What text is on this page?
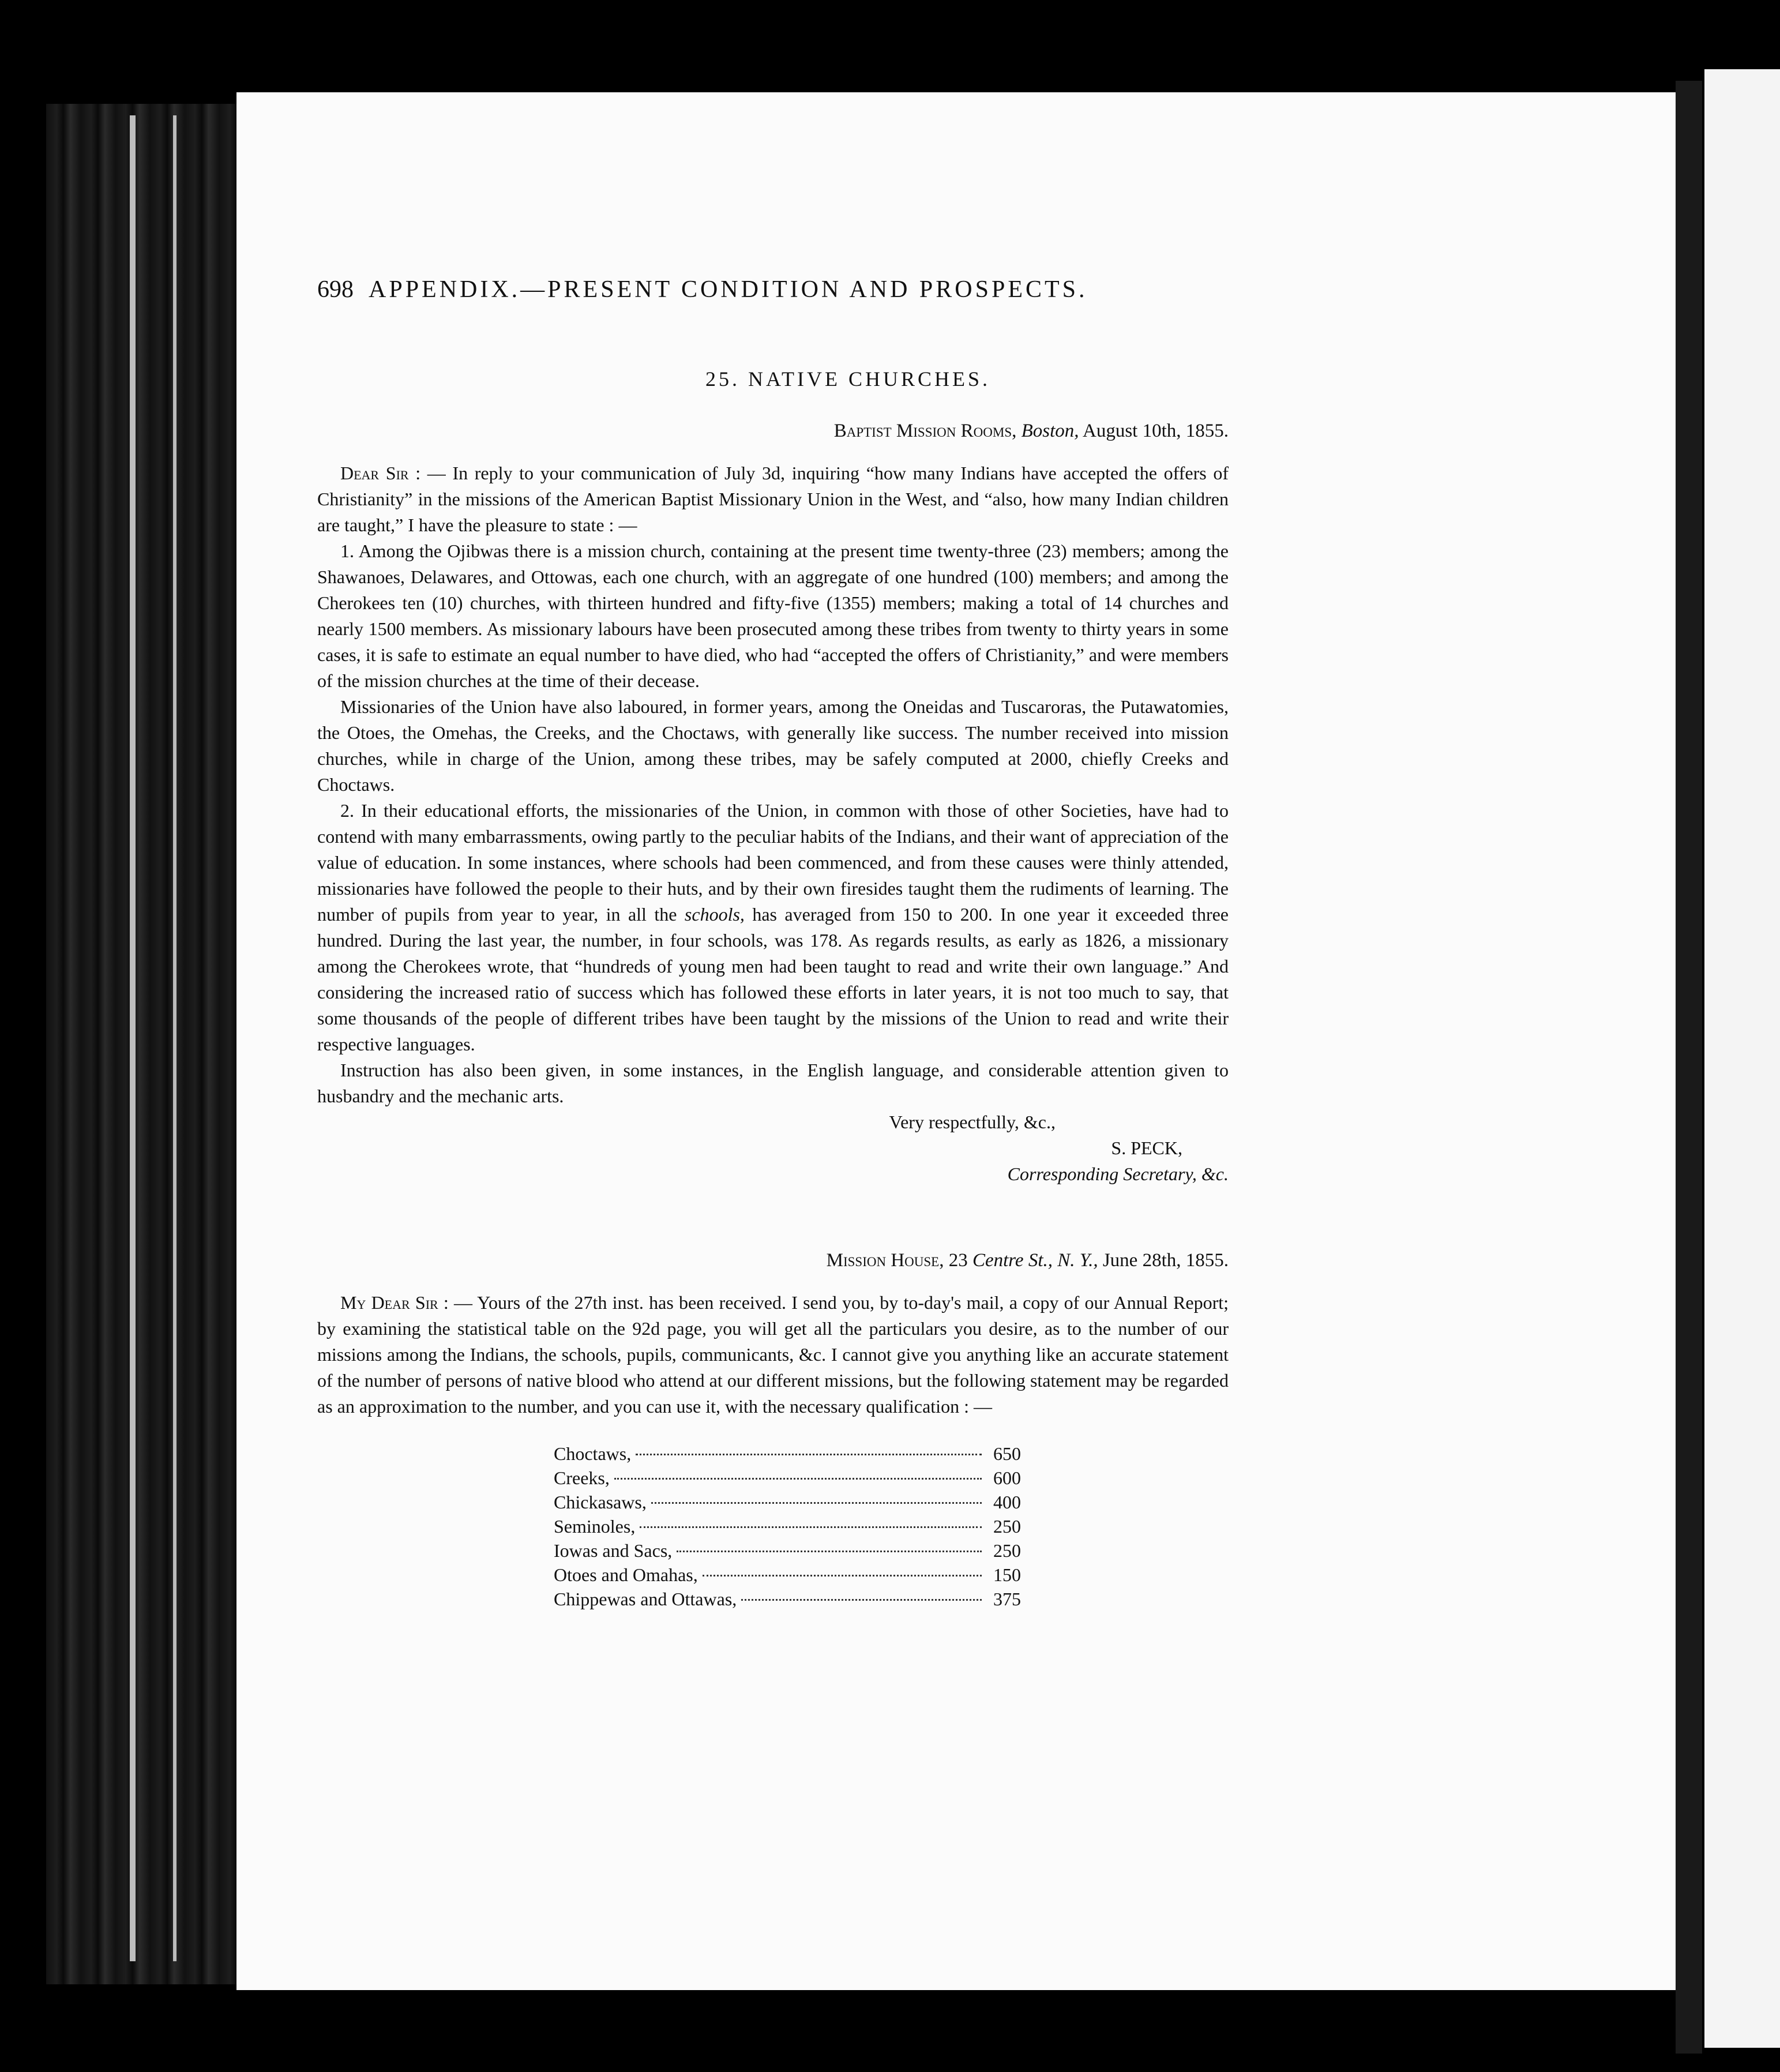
698 APPENDIX.—PRESENT CONDITION AND PROSPECTS.
25. NATIVE CHURCHES.
Baptist Mission Rooms, Boston, August 10th, 1855.

Dear Sir : — In reply to your communication of July 3d, inquiring “how many Indians have accepted the offers of Christianity” in the missions of the American Baptist Missionary Union in the West, and “also, how many Indian children are taught,” I have the pleasure to state : —

1. Among the Ojibwas there is a mission church, containing at the present time twenty-three (23) members; among the Shawanoes, Delawares, and Ottowas, each one church, with an aggregate of one hundred (100) members; and among the Cherokees ten (10) churches, with thirteen hundred and fifty-five (1355) members; making a total of 14 churches and nearly 1500 members. As missionary labours have been prosecuted among these tribes from twenty to thirty years in some cases, it is safe to estimate an equal number to have died, who had “accepted the offers of Christianity,” and were members of the mission churches at the time of their decease.

Missionaries of the Union have also laboured, in former years, among the Oneidas and Tuscaroras, the Putawatomies, the Otoes, the Omehas, the Creeks, and the Choctaws, with generally like success. The number received into mission churches, while in charge of the Union, among these tribes, may be safely computed at 2000, chiefly Creeks and Choctaws.

2. In their educational efforts, the missionaries of the Union, in common with those of other Societies, have had to contend with many embarrassments, owing partly to the peculiar habits of the Indians, and their want of appreciation of the value of education. In some instances, where schools had been commenced, and from these causes were thinly attended, missionaries have followed the people to their huts, and by their own firesides taught them the rudiments of learning. The number of pupils from year to year, in all the schools, has averaged from 150 to 200. In one year it exceeded three hundred. During the last year, the number, in four schools, was 178. As regards results, as early as 1826, a missionary among the Cherokees wrote, that “hundreds of young men had been taught to read and write their own language.” And considering the increased ratio of success which has followed these efforts in later years, it is not too much to say, that some thousands of the people of different tribes have been taught by the missions of the Union to read and write their respective languages.

Instruction has also been given, in some instances, in the English language, and considerable attention given to husbandry and the mechanic arts.

Very respectfully, &c.,
S. PECK,
Corresponding Secretary, &c.
Mission House, 23 Centre St., N. Y., June 28th, 1855.

My Dear Sir : — Yours of the 27th inst. has been received. I send you, by to-day's mail, a copy of our Annual Report; by examining the statistical table on the 92d page, you will get all the particulars you desire, as to the number of our missions among the Indians, the schools, pupils, communicants, &c. I cannot give you anything like an accurate statement of the number of persons of native blood who attend at our different missions, but the following statement may be regarded as an approximation to the number, and you can use it, with the necessary qualification : —

Choctaws,	650
Creeks,	600
Chickasaws,	400
Seminoles,	250
Iowas and Sacs,	250
Otoes and Omahas,	150
Chippewas and Ottawas,	375
